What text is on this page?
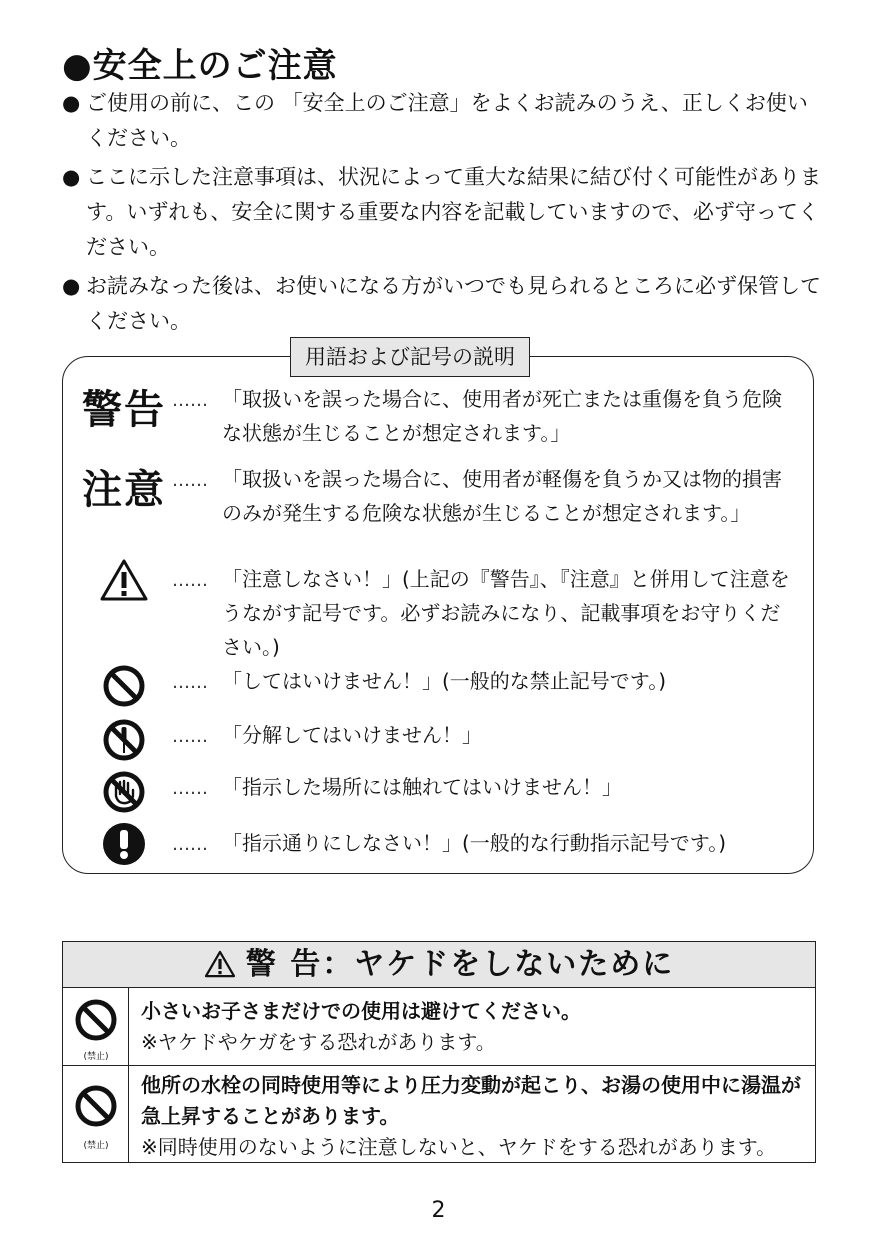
●安全上のご注意
● ご使用の前に、この 「安全上のご注意」をよくお読みのうえ、正しくお使いください。
● ここに示した注意事項は、状況によって重大な結果に結び付く可能性があります。いずれも、安全に関する重要な内容を記載していますので、必ず守ってください。
● お読みなった後は、お使いになる方がいつでも見られるところに必ず保管してください。
用語および記号の説明
警告 …… 「取扱いを誤った場合に、使用者が死亡または重傷を負う危険な状態が生じることが想定されます。」
注意 …… 「取扱いを誤った場合に、使用者が軽傷を負うか又は物的損害のみが発生する危険な状態が生じることが想定されます。」
…… 「注意しなさい！」(上記の『警告』、『注意』と併用して注意をうながす記号です。必ずお読みになり、記載事項をお守りください。)
…… 「してはいけません！」(一般的な禁止記号です。)
…… 「分解してはいけません！」
…… 「指示した場所には触れてはいけません！」
…… 「指示通りにしなさい！」(一般的な行動指示記号です。)
警 告：ヤケドをしないために
(禁止)
小さいお子さまだけでの使用は避けてください。
※ヤケドやケガをする恐れがあります。
(禁止)
他所の水栓の同時使用等により圧力変動が起こり、お湯の使用中に湯温が急上昇することがあります。
※同時使用のないように注意しないと、ヤケドをする恐れがあります。
2
